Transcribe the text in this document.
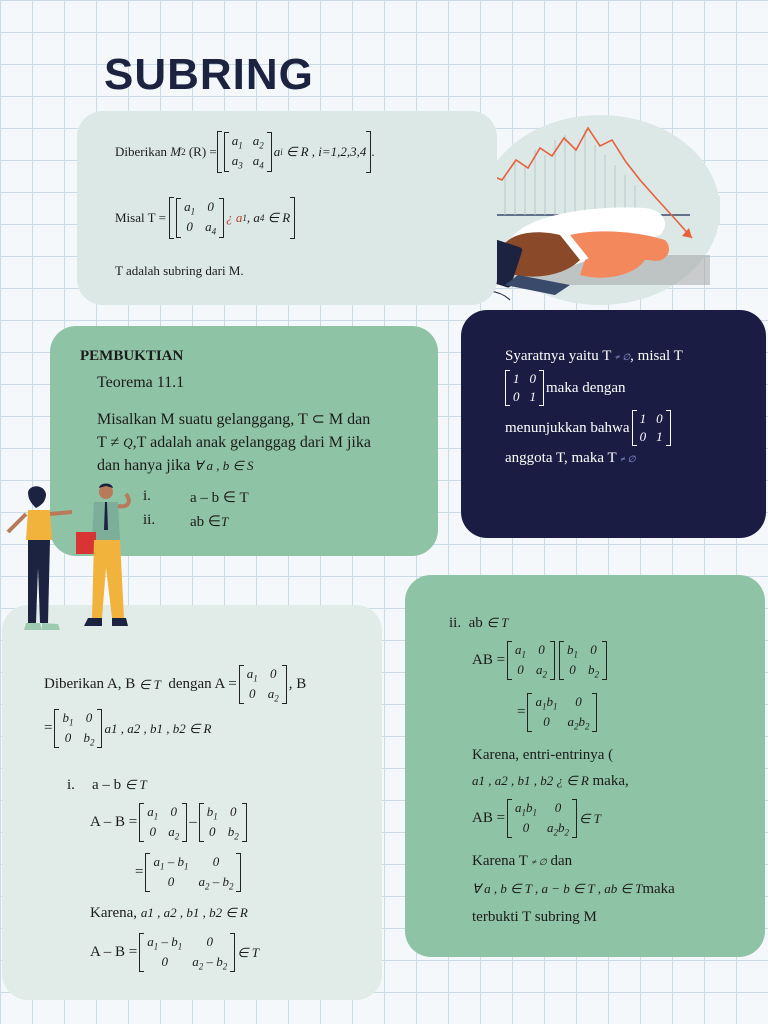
SUBRING
Diberikan
M 2
(R) =
$a_1$ $a_2$
$a_3$ $a_4$
a i
∈ R , i=1,2,3,4 .
Misal T =

$a_1$ 0
0 $a_4$
¿ a 1 , a 4
∈ R
T adalah subring dari M.
PEMBUKTIAN
Teorema 11.1
Misalkan M suatu gelanggang, T ⊂ M dan
T ≠ Q,T adalah anak gelanggag dari M jika
dan hanya jika ∀ a , b ∈ S
i.	a – b ∈ T
ii. ab ∈T
Syaratnya yaitu T ≠ ∅, misal T
1 0
0 1
maka dengan
menunjukkan bahwa
1 0
0 1
anggota T, maka T ≠ ∅
Diberikan A, B
∈ T
dengan A =
$a_1$ 0
0 $a_2$
, B
=
$b_1$ 0
0 $b_2$
a1 , a2 , b1 , b2 ∈ R
i. a – b ∈ T
A – B =
$a_1$ 0
0 $a_2$
–
$b_1$ 0
0 $b_2$
=
$a_1 - b_1$	0
0	$a_2 - b_2$
Karena, a1 , a2 , b1 , b2 ∈ R
A – B =
$a_1 - b_1$	0
0	$a_2 - b_2$
∈ T
ii. ab ∈ T
AB =
$a_1$ 0
0 $a_2$
$b_1$ 0
0 $b_2$
=
$a_1b_1$	0
0	$a_2b_2$
Karena, entri-entrinya (
a1 , a2 , b1 , b2 ¿ ∈ R maka,
AB =
$a_1b_1$	0
0	$a_2b_2$
∈ T
Karena T ≠ ∅ dan
∀ a , b ∈ T , a − b ∈ T , ab ∈ Tmaka
terbukti T subring M
